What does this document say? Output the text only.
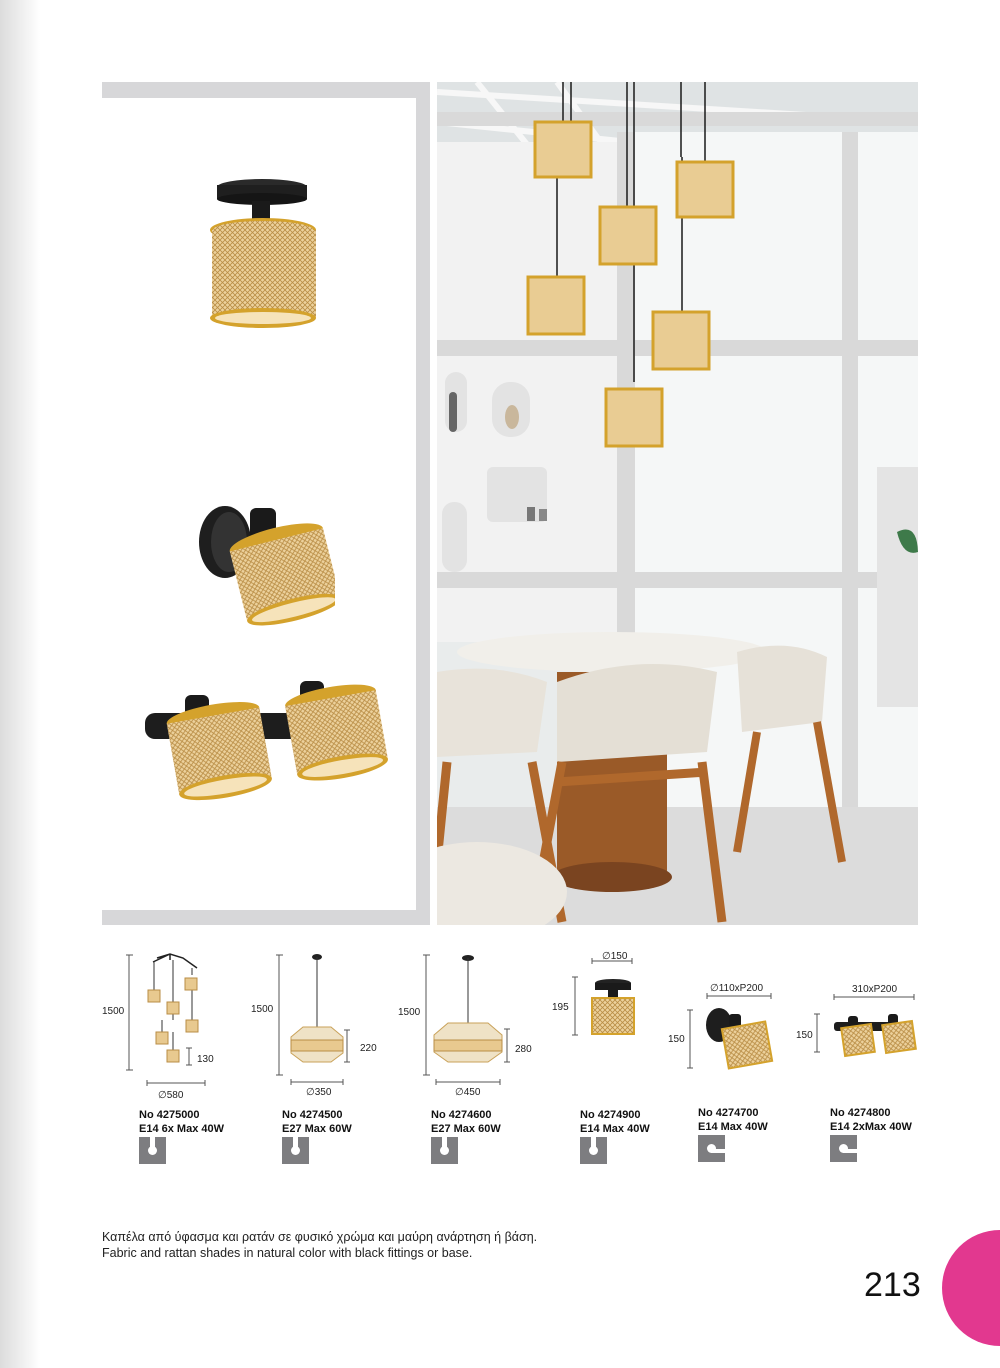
1500
130
∅580
1500
220
∅350
1500
280
∅450
∅150
195
∅110xP200
150
310xP200
150
No 4275000
E14 6x Max 40W
No 4274500
E27 Max 60W
No 4274600
E27 Max 60W
No 4274900
E14 Max 40W
No 4274700
E14 Max 40W
No 4274800
E14 2xMax 40W
Καπέλα από ύφασμα και ρατάν σε φυσικό χρώμα και μαύρη ανάρτηση ή βάση.
Fabric and rattan shades in natural color with black fittings or base.
213
